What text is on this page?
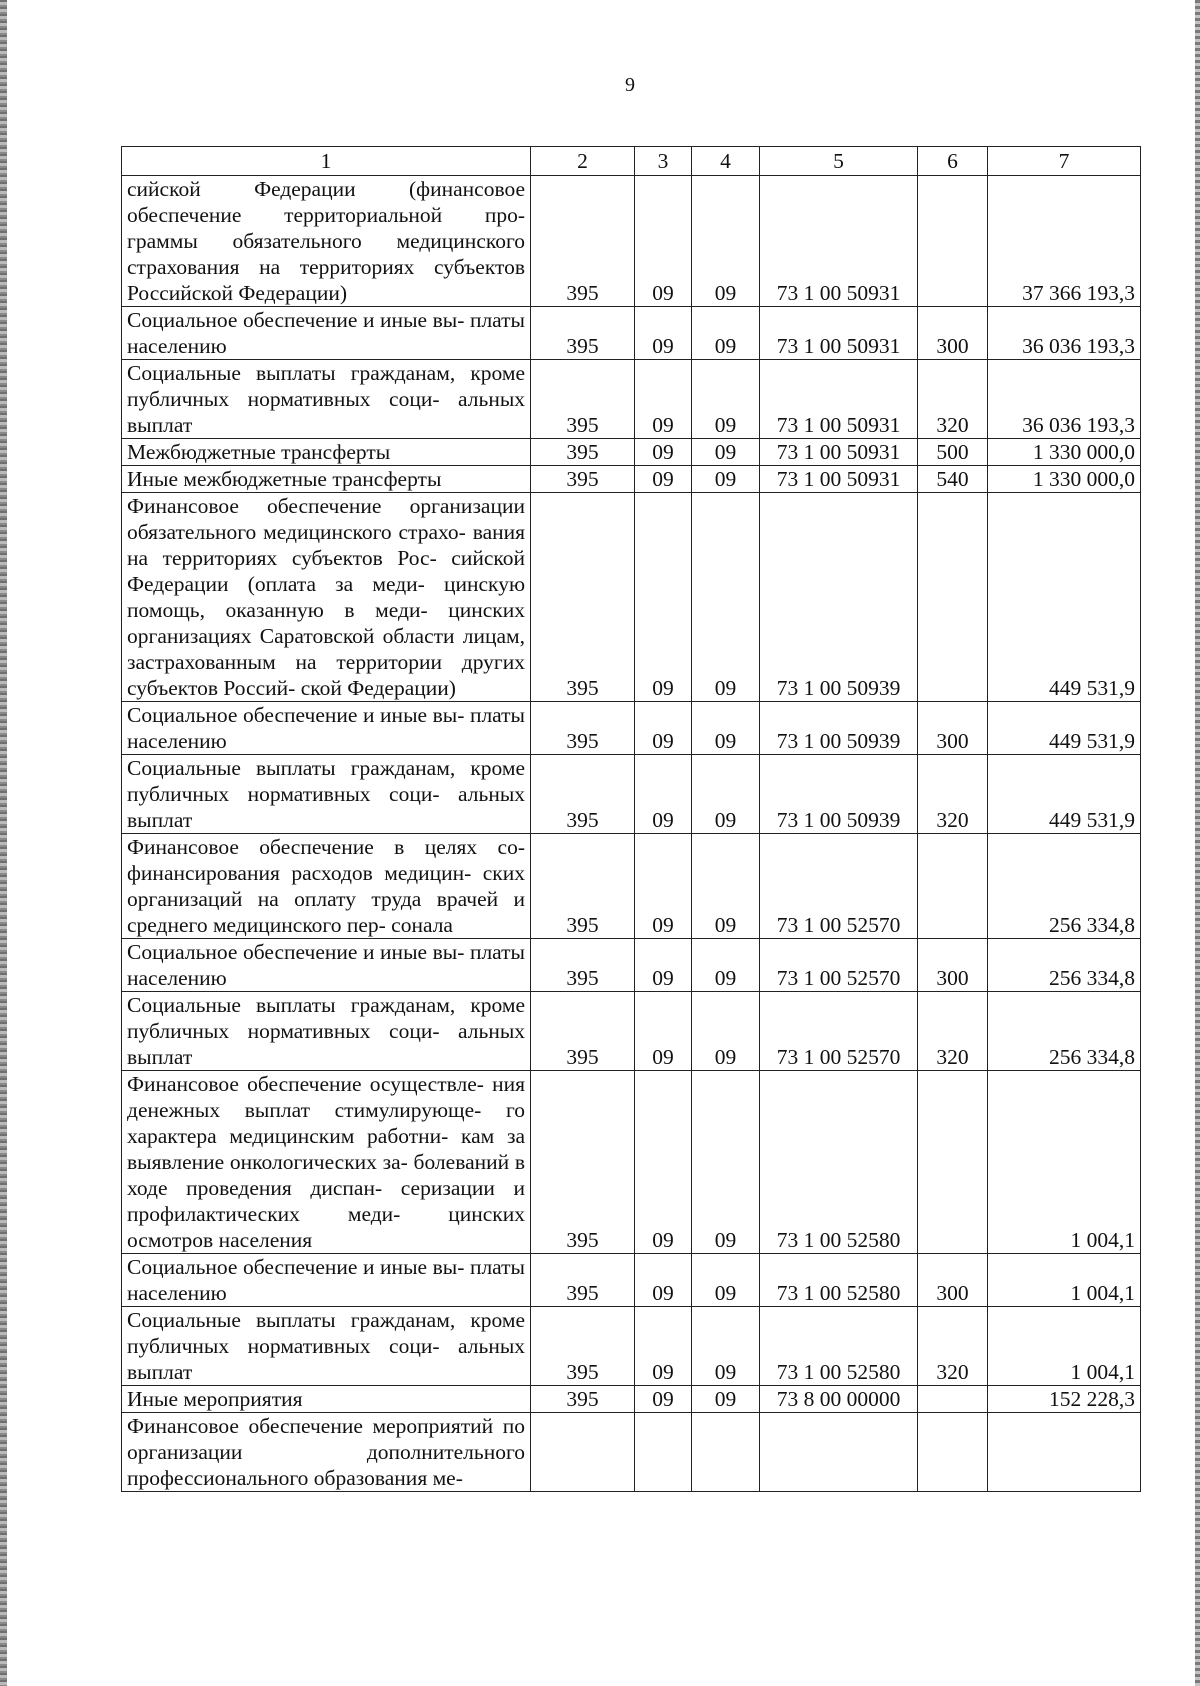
9
1	2	3	4	5	6	7
сийской Федерации (финансовое обеспечение территориальной про- граммы обязательного медицинского страхования на территориях субъектов Российской Федерации)	395	09	09	73 1 00 50931		37 366 193,3
Социальное обеспечение и иные вы- платы населению	395	09	09	73 1 00 50931	300	36 036 193,3
Социальные выплаты гражданам, кроме публичных нормативных соци- альных выплат	395	09	09	73 1 00 50931	320	36 036 193,3
Межбюджетные трансферты	395	09	09	73 1 00 50931	500	1 330 000,0
Иные межбюджетные трансферты	395	09	09	73 1 00 50931	540	1 330 000,0
Финансовое обеспечение организации обязательного медицинского страхо- вания на территориях субъектов Рос- сийской Федерации (оплата за меди- цинскую помощь, оказанную в меди- цинских организациях Саратовской области лицам, застрахованным на территории других субъектов Россий- ской Федерации)	395	09	09	73 1 00 50939		449 531,9
Социальное обеспечение и иные вы- платы населению	395	09	09	73 1 00 50939	300	449 531,9
Социальные выплаты гражданам, кроме публичных нормативных соци- альных выплат	395	09	09	73 1 00 50939	320	449 531,9
Финансовое обеспечение в целях со- финансирования расходов медицин- ских организаций на оплату труда врачей и среднего медицинского пер- сонала	395	09	09	73 1 00 52570		256 334,8
Социальное обеспечение и иные вы- платы населению	395	09	09	73 1 00 52570	300	256 334,8
Социальные выплаты гражданам, кроме публичных нормативных соци- альных выплат	395	09	09	73 1 00 52570	320	256 334,8
Финансовое обеспечение осуществле- ния денежных выплат стимулирующе- го характера медицинским работни- кам за выявление онкологических за- болеваний в ходе проведения диспан- серизации и профилактических меди- цинских осмотров населения	395	09	09	73 1 00 52580		1 004,1
Социальное обеспечение и иные вы- платы населению	395	09	09	73 1 00 52580	300	1 004,1
Социальные выплаты гражданам, кроме публичных нормативных соци- альных выплат	395	09	09	73 1 00 52580	320	1 004,1
Иные мероприятия	395	09	09	73 8 00 00000		152 228,3
Финансовое обеспечение мероприятий по организации дополнительного профессионального образования ме-						
